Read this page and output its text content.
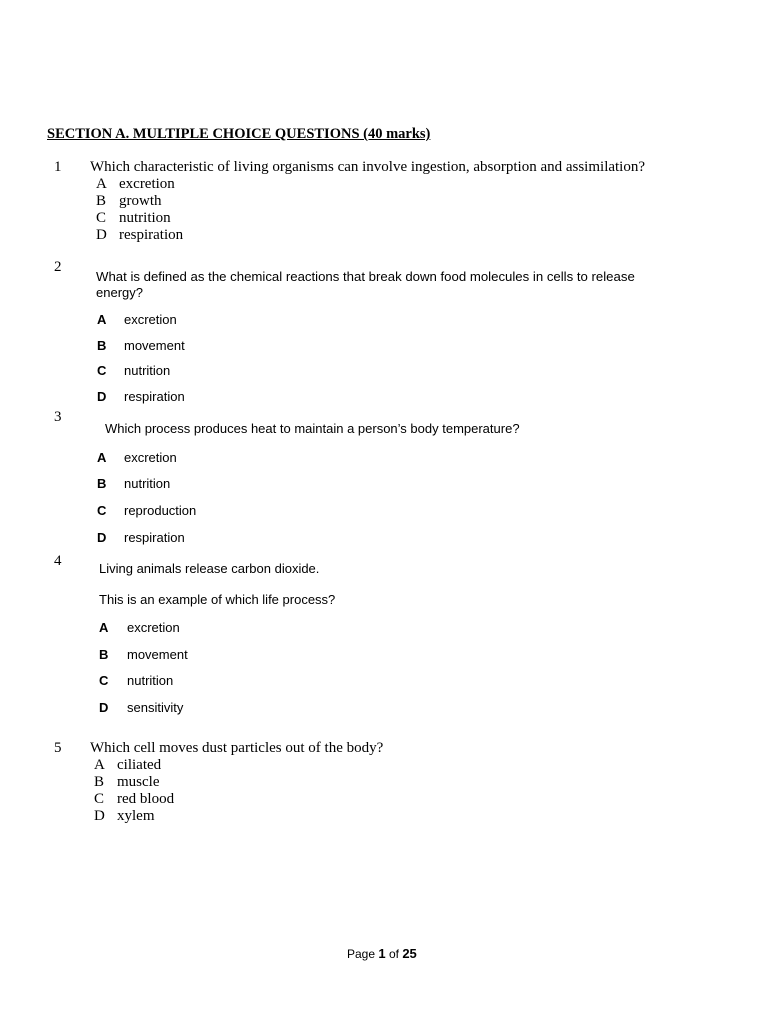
SECTION A. MULTIPLE CHOICE QUESTIONS (40 marks)
1 Which characteristic of living organisms can involve ingestion, absorption and assimilation?
A excretion
B growth
C nutrition
D respiration
2
What is defined as the chemical reactions that break down food molecules in cells to release
energy?
A excretion
B movement
C nutrition
D respiration
3
Which process produces heat to maintain a person’s body temperature?
A excretion
B nutrition
C reproduction
D respiration
4	Living animals release carbon dioxide.
This is an example of which life process?
A excretion
B movement
C nutrition
D sensitivity
5 Which cell moves dust particles out of the body?
A ciliated
B muscle
C red blood
D xylem
Page 1 of 25
